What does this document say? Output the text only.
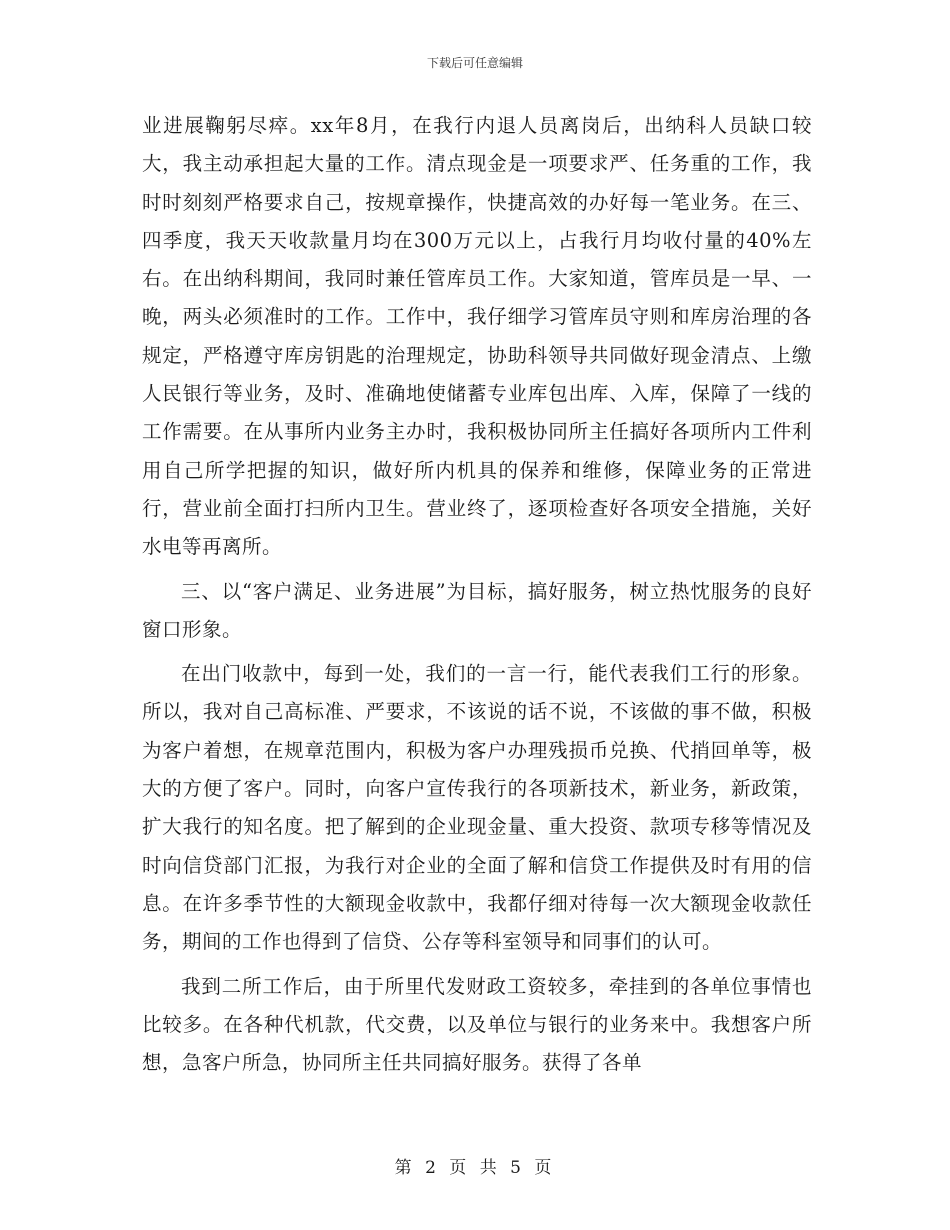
下载后可任意编辑

业进展鞠躬尽瘁。xx年8月，在我行内退人员离岗后，出纳科人员缺口较大，我主动承担起大量的工作。清点现金是一项要求严、任务重的工作，我时时刻刻严格要求自己，按规章操作，快捷高效的办好每一笔业务。在三、四季度，我天天收款量月均在300万元以上，占我行月均收付量的40%左右。在出纳科期间，我同时兼任管库员工作。大家知道，管库员是一早、一晚，两头必须准时的工作。工作中，我仔细学习管库员守则和库房治理的各规定，严格遵守库房钥匙的治理规定，协助科领导共同做好现金清点、上缴人民银行等业务，及时、准确地使储蓄专业库包出库、入库，保障了一线的工作需要。在从事所内业务主办时，我积极协同所主任搞好各项所内工件利用自己所学把握的知识，做好所内机具的保养和维修，保障业务的正常进行，营业前全面打扫所内卫生。营业终了，逐项检查好各项安全措施，关好水电等再离所。

三、以“客户满足、业务进展”为目标，搞好服务，树立热忱服务的良好窗口形象。

在出门收款中，每到一处，我们的一言一行，能代表我们工行的形象。所以，我对自己高标准、严要求，不该说的话不说，不该做的事不做，积极为客户着想，在规章范围内，积极为客户办理残损币兑换、代捎回单等，极大的方便了客户。同时，向客户宣传我行的各项新技术，新业务，新政策，扩大我行的知名度。把了解到的企业现金量、重大投资、款项专移等情况及时向信贷部门汇报，为我行对企业的全面了解和信贷工作提供及时有用的信息。在许多季节性的大额现金收款中，我都仔细对待每一次大额现金收款任务，期间的工作也得到了信贷、公存等科室领导和同事们的认可。

我到二所工作后，由于所里代发财政工资较多，牵挂到的各单位事情也比较多。在各种代机款，代交费，以及单位与银行的业务来中。我想客户所想，急客户所急，协同所主任共同搞好服务。获得了各单

第 2 页 共 5 页
